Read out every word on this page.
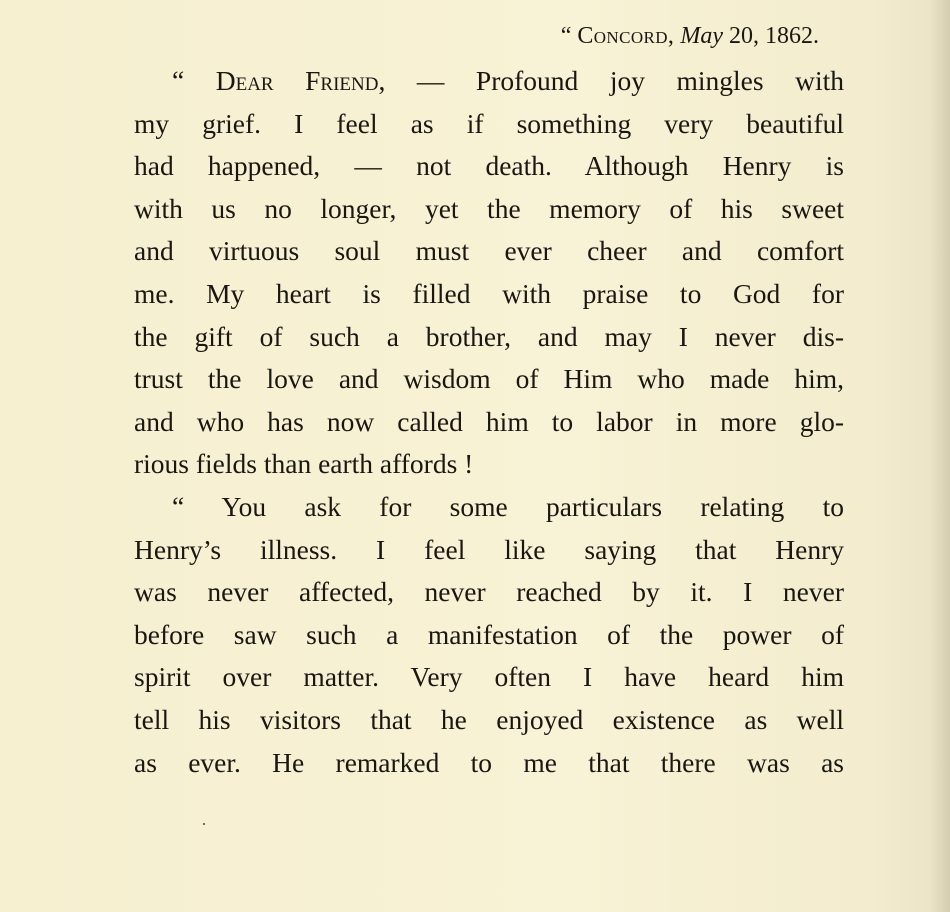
“ Concord, May 20, 1862.
“ Dear Friend, — Profound joy mingles with
my grief. I feel as if something very beautiful
had happened, — not death. Although Henry is
with us no longer, yet the memory of his sweet
and virtuous soul must ever cheer and comfort
me. My heart is filled with praise to God for
the gift of such a brother, and may I never dis-
trust the love and wisdom of Him who made him,
and who has now called him to labor in more glo-
rious fields than earth affords !
“ You ask for some particulars relating to
Henry’s illness. I feel like saying that Henry
was never affected, never reached by it. I never
before saw such a manifestation of the power of
spirit over matter. Very often I have heard him
tell his visitors that he enjoyed existence as well
as ever. He remarked to me that there was as
